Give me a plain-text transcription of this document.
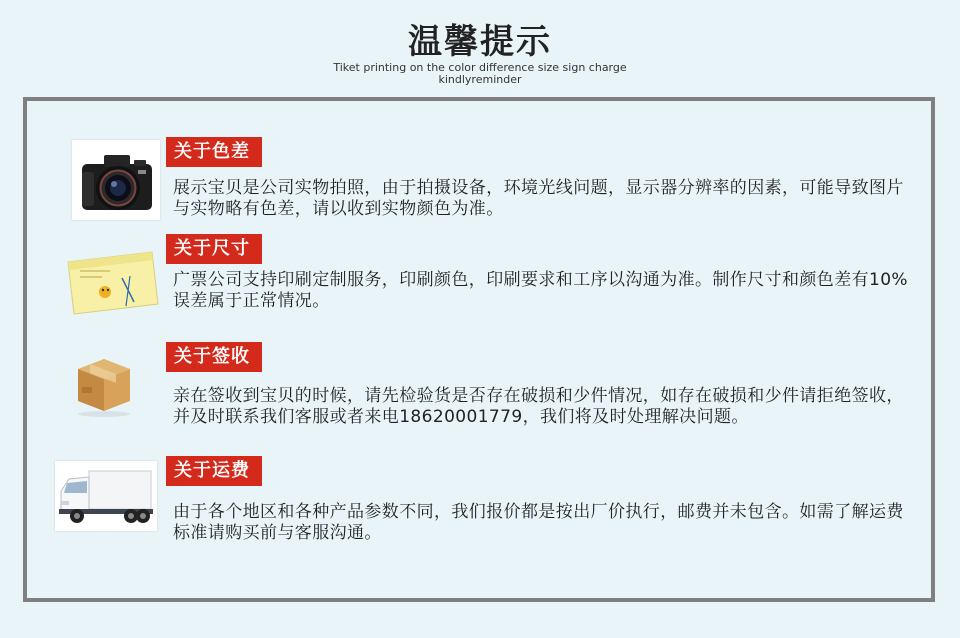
温馨提示
Tiket printing on the color difference size sign charge
kindlyreminder
关于色差
展示宝贝是公司实物拍照，由于拍摄设备，环境光线问题，显示器分辨率的因素，可能导致图片与实物略有色差，请以收到实物颜色为准。
关于尺寸
广票公司支持印刷定制服务，印刷颜色，印刷要求和工序以沟通为准。制作尺寸和颜色差有10%误差属于正常情况。
关于签收
亲在签收到宝贝的时候，请先检验货是否存在破损和少件情况，如存在破损和少件请拒绝签收，并及时联系我们客服或者来电18620001779，我们将及时处理解决问题。
关于运费
由于各个地区和各种产品参数不同，我们报价都是按出厂价执行，邮费并未包含。如需了解运费标准请购买前与客服沟通。
